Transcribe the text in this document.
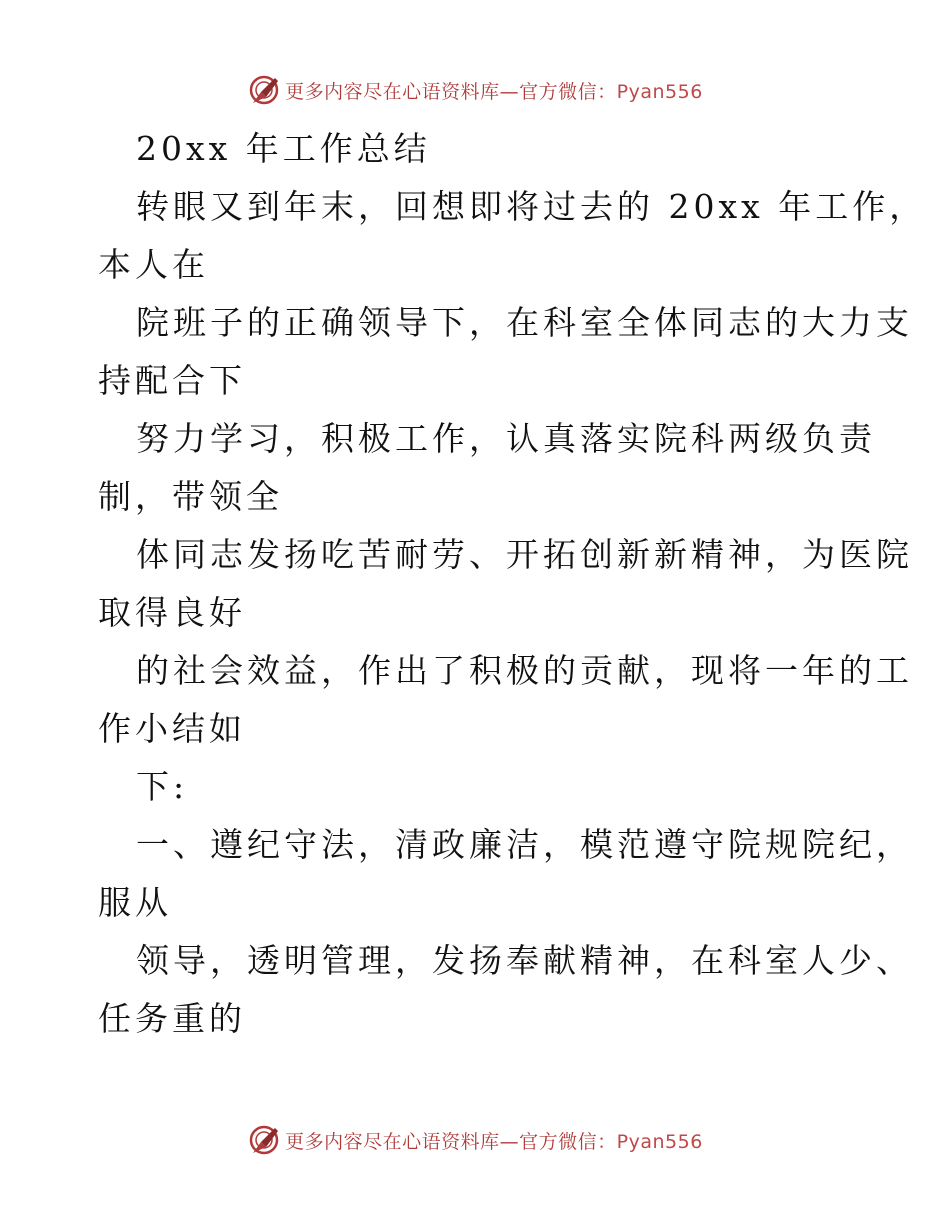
更多内容尽在心语资料库—官方微信：Pyan556
20xx 年工作总结
转眼又到年末，回想即将过去的 20xx 年工作，
本人在
院班子的正确领导下，在科室全体同志的大力支
持配合下
努力学习，积极工作，认真落实院科两级负责
制，带领全
体同志发扬吃苦耐劳、开拓创新新精神，为医院
取得良好
的社会效益，作出了积极的贡献，现将一年的工
作小结如
下:
一、遵纪守法，清政廉洁，模范遵守院规院纪，
服从
领导，透明管理，发扬奉献精神，在科室人少、
任务重的
更多内容尽在心语资料库—官方微信：Pyan556
